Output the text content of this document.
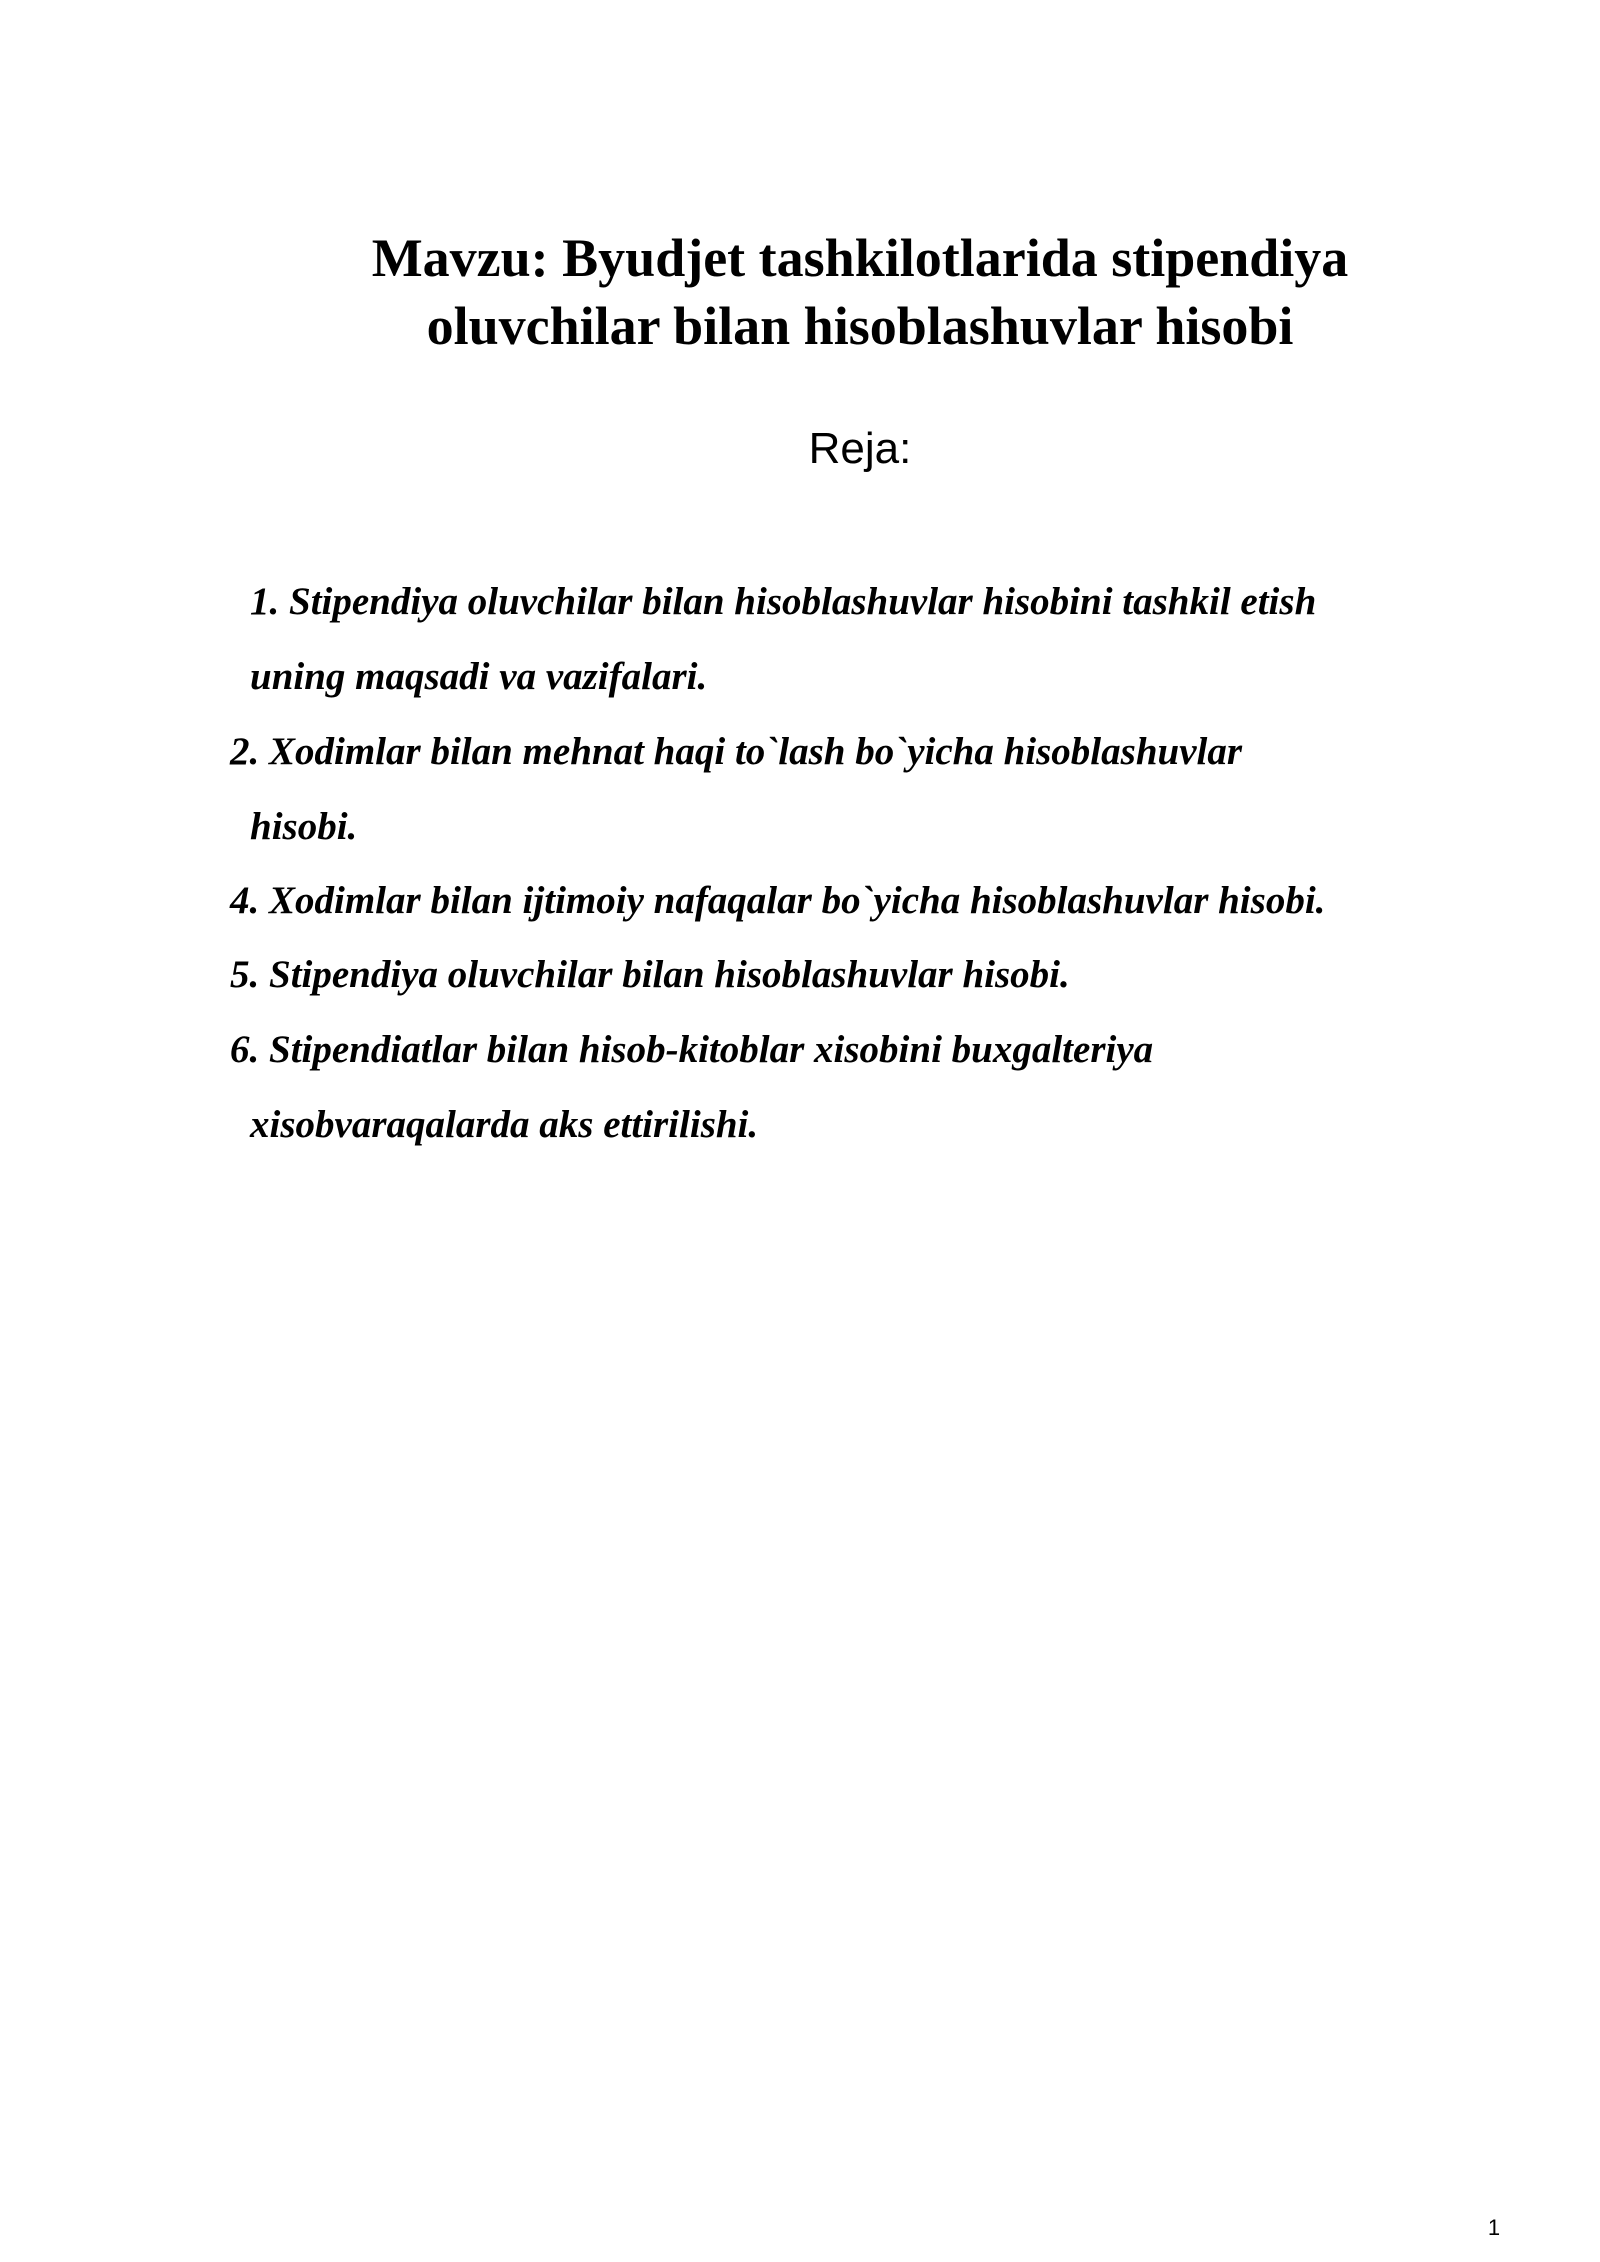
Mavzu: Byudjet tashkilotlarida stipendiya
oluvchilar bilan hisoblashuvlar hisobi

Reja:

1. Stipendiya oluvchilar bilan hisoblashuvlar hisobini tashkil etish

uning maqsadi va vazifalari.

2. Xodimlar bilan mehnat haqi to`lash bo`yicha hisoblashuvlar

hisobi.

4. Xodimlar bilan ijtimoiy nafaqalar bo`yicha hisoblashuvlar hisobi.

5. Stipendiya oluvchilar bilan hisoblashuvlar hisobi.

6. Stipendiatlar bilan hisob-kitoblar xisobini buxgalteriya

xisobvaraqalarda aks ettirilishi.

1
